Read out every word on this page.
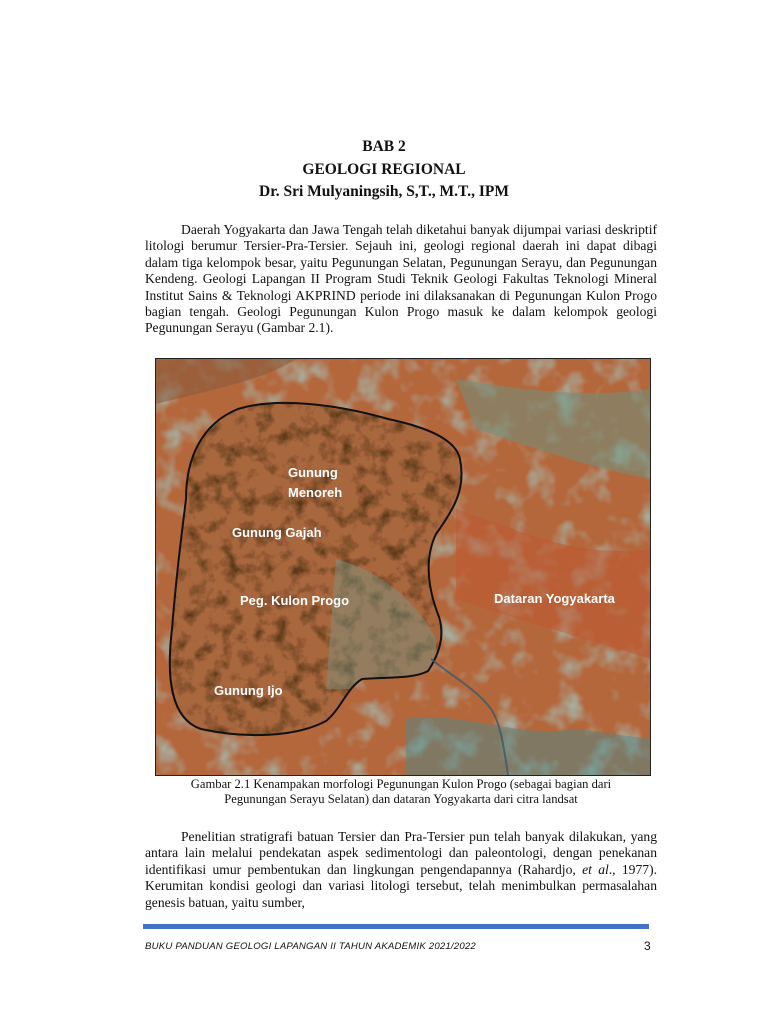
BAB 2
GEOLOGI REGIONAL
Dr. Sri Mulyaningsih, S,T., M.T., IPM

Daerah Yogyakarta dan Jawa Tengah telah diketahui banyak dijumpai variasi deskriptif litologi berumur Tersier-Pra-Tersier. Sejauh ini, geologi regional daerah ini dapat dibagi dalam tiga kelompok besar, yaitu Pegunungan Selatan, Pegunungan Serayu, dan Pegunungan Kendeng. Geologi Lapangan II Program Studi Teknik Geologi Fakultas Teknologi Mineral Institut Sains & Teknologi AKPRIND periode ini dilaksanakan di Pegunungan Kulon Progo bagian tengah. Geologi Pegunungan Kulon Progo masuk ke dalam kelompok geologi Pegunungan Serayu (Gambar 2.1).

Gunung
Menoreh
Gunung Gajah
Peg. Kulon Progo	Dataran Yogyakarta
Gunung Ijo
Gambar 2.1 Kenampakan morfologi Pegunungan Kulon Progo (sebagai bagian dari
Pegunungan Serayu Selatan) dan dataran Yogyakarta dari citra landsat

Penelitian stratigrafi batuan Tersier dan Pra-Tersier pun telah banyak dilakukan, yang antara lain melalui pendekatan aspek sedimentologi dan paleontologi, dengan penekanan identifikasi umur pembentukan dan lingkungan pengendapannya (Rahardjo, et al., 1977). Kerumitan kondisi geologi dan variasi litologi tersebut, telah menimbulkan permasalahan genesis batuan, yaitu sumber,

BUKU PANDUAN GEOLOGI LAPANGAN II TAHUN AKADEMIK 2021/2022	3
